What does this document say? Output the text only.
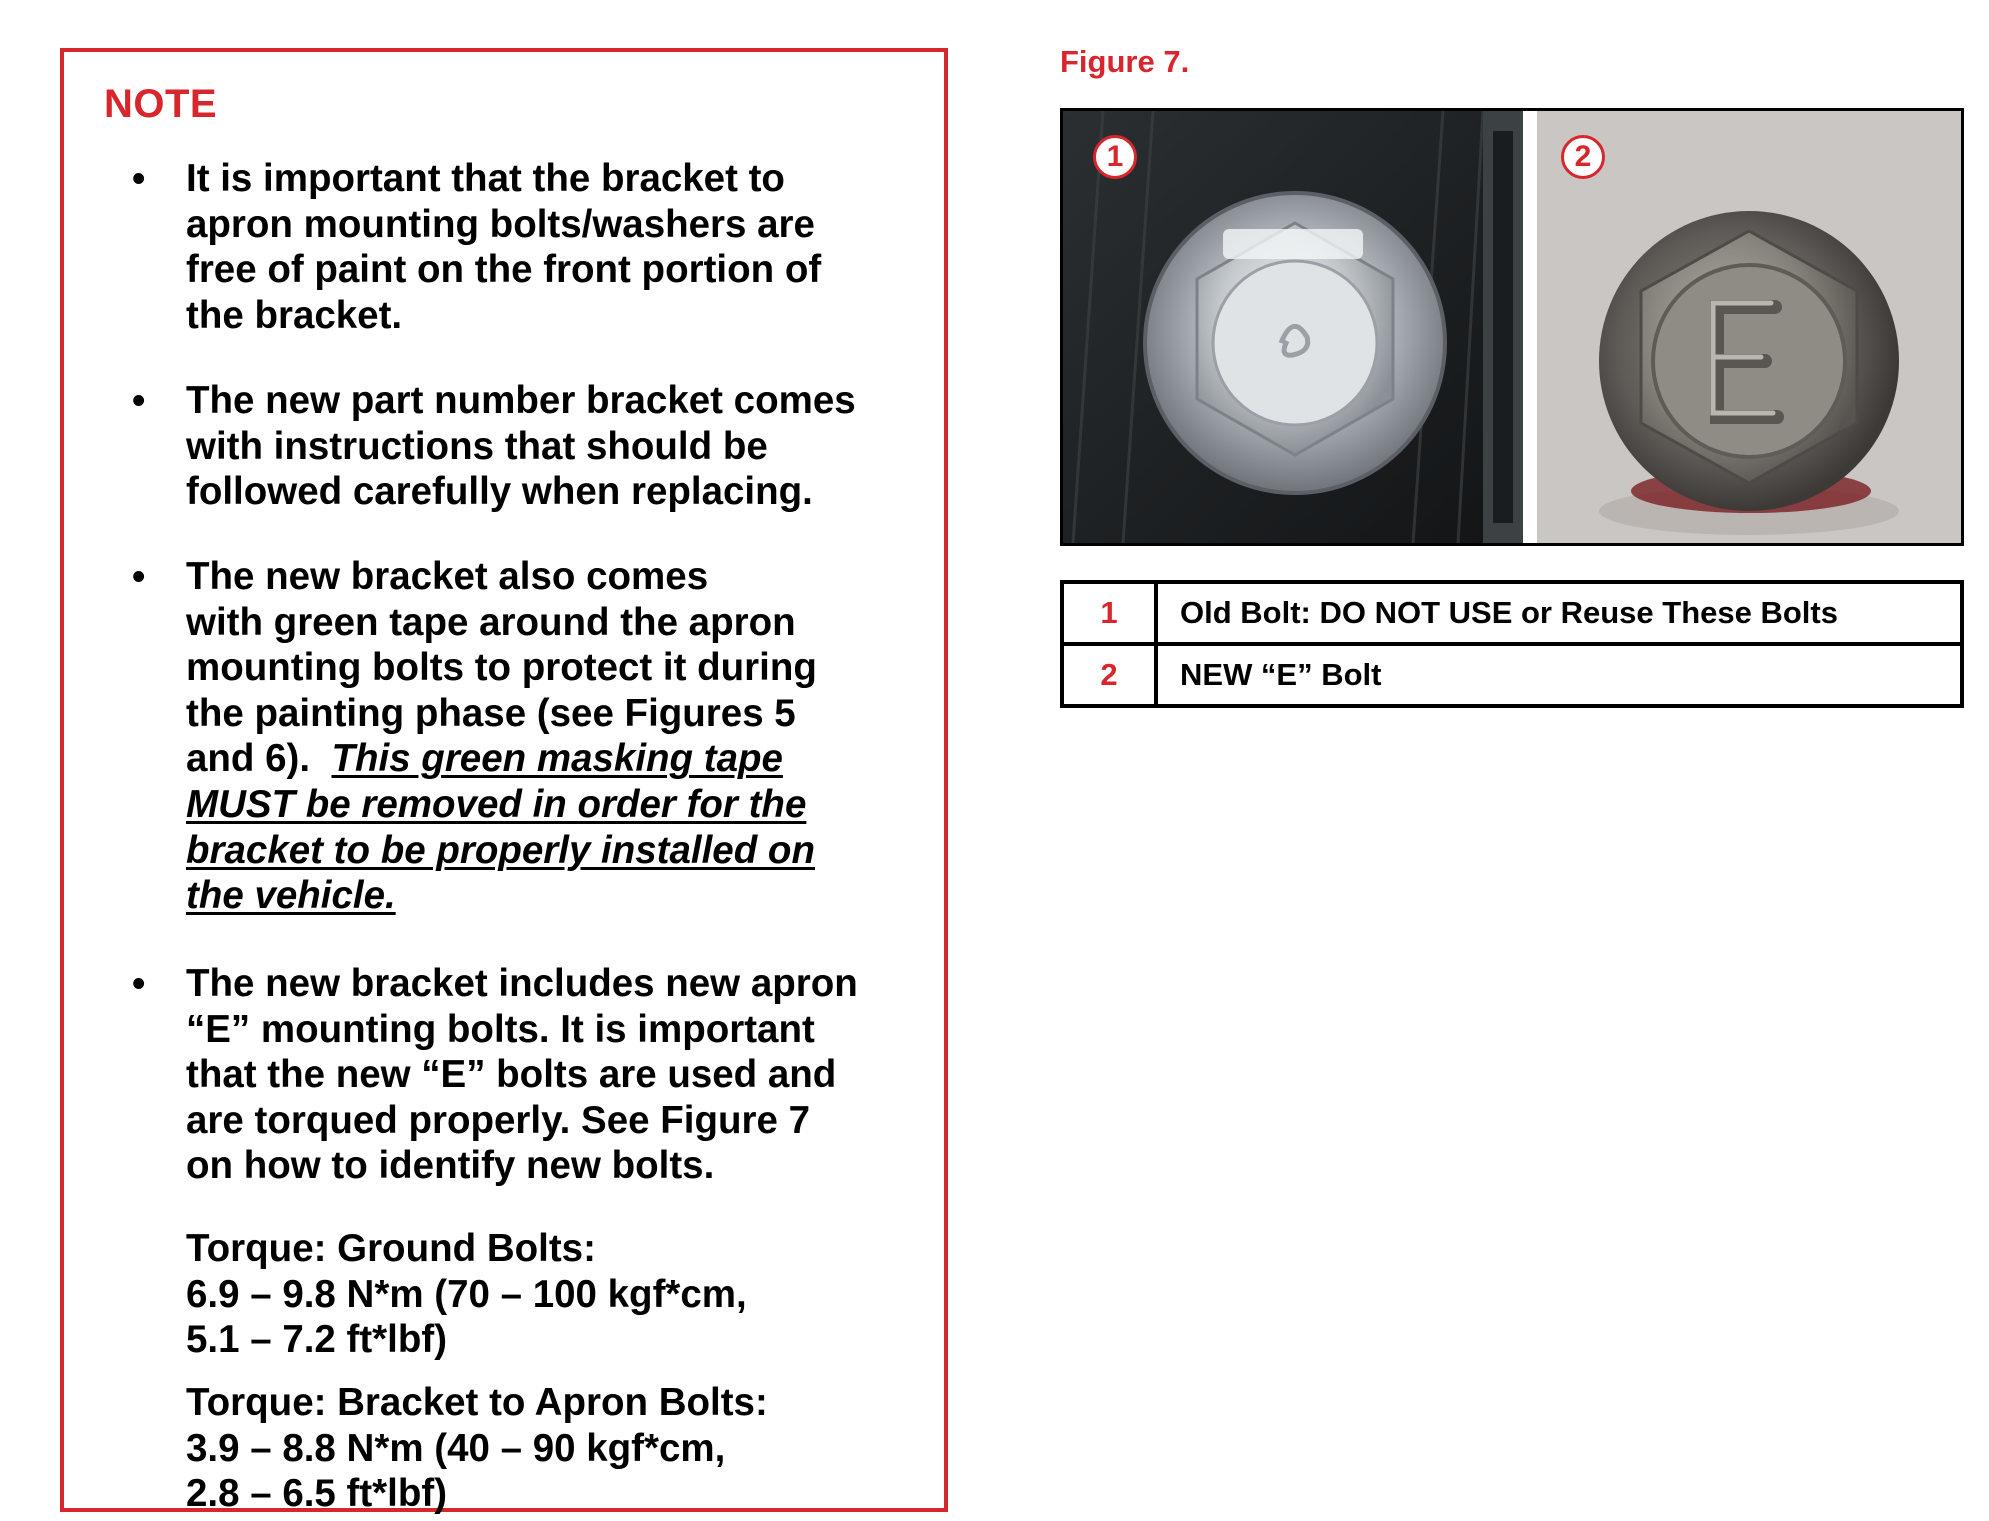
NOTE
• It is important that the bracket to
apron mounting bolts/washers are
free of paint on the front portion of
the bracket.
• The new part number bracket comes
with instructions that should be
followed carefully when replacing.
• The new bracket also comes
with green tape around the apron
mounting bolts to protect it during
the painting phase (see Figures 5
and 6).  This green masking tape
MUST be removed in order for the
bracket to be properly installed on
the vehicle.
• The new bracket includes new apron
“E” mounting bolts. It is important
that the new “E” bolts are used and
are torqued properly. See Figure 7
on how to identify new bolts.
Torque: Ground Bolts:
6.9 – 9.8 N*m (70 – 100 kgf*cm,
5.1 – 7.2 ft*lbf)
Torque: Bracket to Apron Bolts:
3.9 – 8.8 N*m (40 – 90 kgf*cm,
2.8 – 6.5 ft*lbf)
Figure 7.
1	2
1	Old Bolt: DO NOT USE or Reuse These Bolts
2	NEW “E” Bolt
